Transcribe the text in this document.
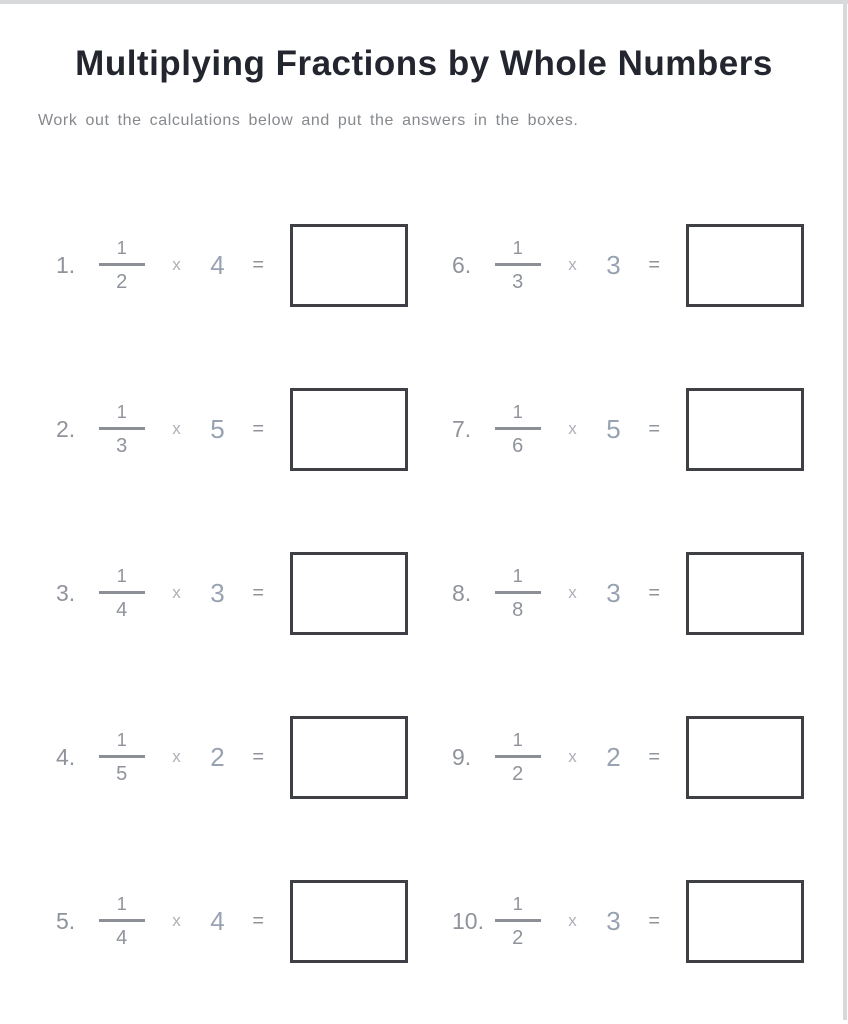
Multiplying Fractions by Whole Numbers

Work out the calculations below and put the answers in the boxes.

1.	$\frac{1}{2}$ x 4 =	6.	$\frac{1}{3}$ x 3 =
2.	$\frac{1}{3}$ x 5 =	7.	$\frac{1}{6}$ x 5 =
3.	$\frac{1}{4}$ x 3 =	8.	$\frac{1}{8}$ x 3 =
4.	$\frac{1}{5}$ x 2 =	9.	$\frac{1}{2}$ x 2 =
5.	$\frac{1}{4}$ x 4 =	10. $\frac{1}{2}$ x 3 =
